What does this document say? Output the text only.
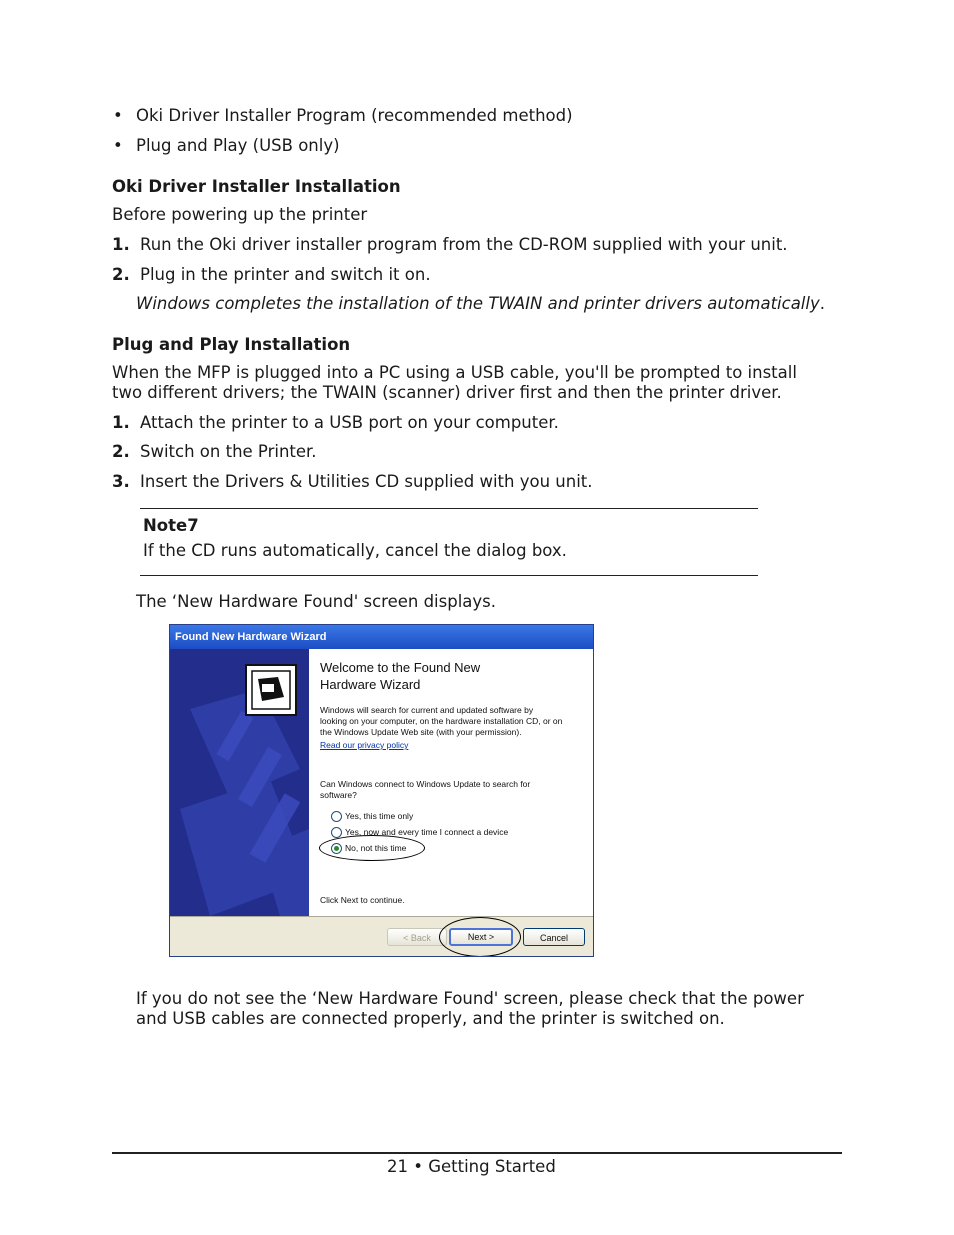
• Oki Driver Installer Program (recommended method)
• Plug and Play (USB only)
Oki Driver Installer Installation
Before powering up the printer
1. Run the Oki driver installer program from the CD-ROM supplied with your unit.
2. Plug in the printer and switch it on.
Windows completes the installation of the TWAIN and printer drivers automatically.
Plug and Play Installation
When the MFP is plugged into a PC using a USB cable, you'll be prompted to install
two different drivers; the TWAIN (scanner) driver first and then the printer driver.
1. Attach the printer to a USB port on your computer.
2. Switch on the Printer.
3. Insert the Drivers & Utilities CD supplied with you unit.
Note7
If the CD runs automatically, cancel the dialog box.
The ‘New Hardware Found' screen displays.
Found New Hardware Wizard
Welcome to the Found New
Hardware Wizard
Windows will search for current and updated software by
looking on your computer, on the hardware installation CD, or on
the Windows Update Web site (with your permission).
Read our privacy policy
Can Windows connect to Windows Update to search for
software?
Yes, this time only
Yes, now and every time I connect a device
No, not this time
Click Next to continue.
< Back	Next >	Cancel
If you do not see the ‘New Hardware Found' screen, please check that the power
and USB cables are connected properly, and the printer is switched on.
21 • Getting Started
